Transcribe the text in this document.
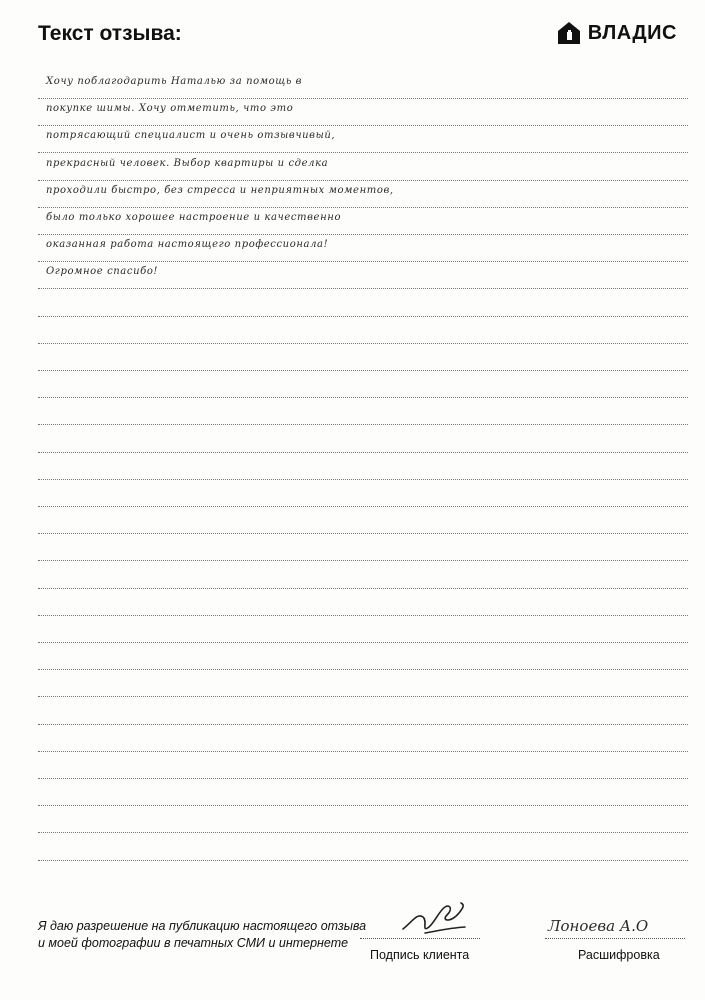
Текст отзыва:	ВЛАДИС
Хочу поблагодарить Наталью за помощь в
покупке шимы. Хочу отметить, что это
потрясающий специалист и очень отзывчивый,
прекрасный человек. Выбор квартиры и сделка
проходили быстро, без стресса и неприятных моментов,
было только хорошее настроение и качественно
оказанная работа настоящего профессионала!
Огромное спасибо!
Я даю разрешение на публикацию настоящего отзыва
и моей фотографии в печатных СМИ и интернете
Подпись клиента
Лоноева А.О
Расшифровка
